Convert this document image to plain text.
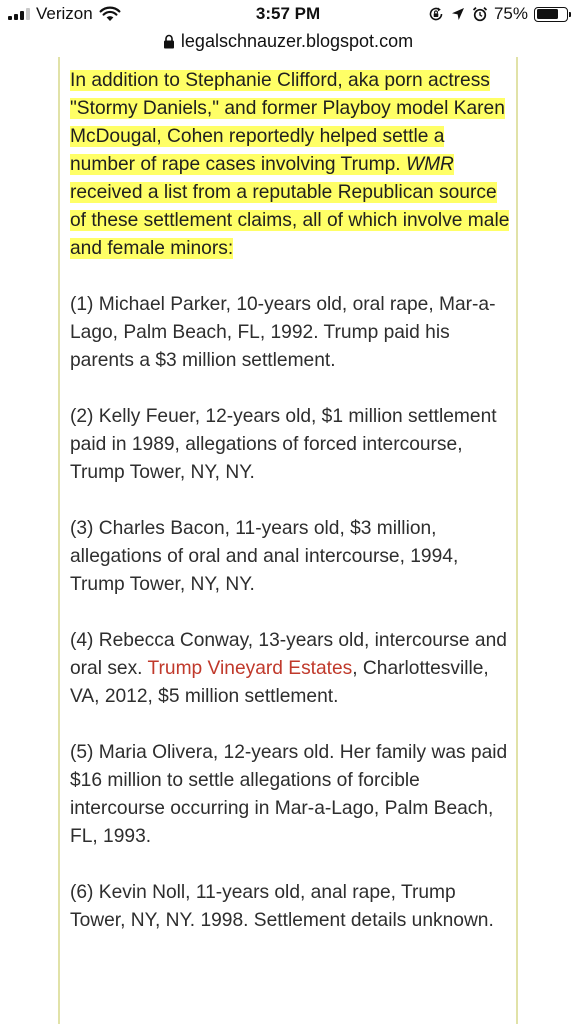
Verizon	3:57 PM	75%
legalschnauzer.blogspot.com

In addition to Stephanie Clifford, aka porn actress "Stormy Daniels," and former Playboy model Karen McDougal, Cohen reportedly helped settle a number of rape cases involving Trump. WMR received a list from a reputable Republican source of these settlement claims, all of which involve male and female minors:

(1) Michael Parker, 10-years old, oral rape, Mar-a-Lago, Palm Beach, FL, 1992. Trump paid his parents a $3 million settlement.

(2) Kelly Feuer, 12-years old, $1 million settlement paid in 1989, allegations of forced intercourse, Trump Tower, NY, NY.

(3) Charles Bacon, 11-years old, $3 million, allegations of oral and anal intercourse, 1994, Trump Tower, NY, NY.

(4) Rebecca Conway, 13-years old, intercourse and oral sex. Trump Vineyard Estates, Charlottesville, VA, 2012, $5 million settlement.

(5) Maria Olivera, 12-years old. Her family was paid $16 million to settle allegations of forcible intercourse occurring in Mar-a-Lago, Palm Beach, FL, 1993.

(6) Kevin Noll, 11-years old, anal rape, Trump Tower, NY, NY. 1998. Settlement details unknown.
